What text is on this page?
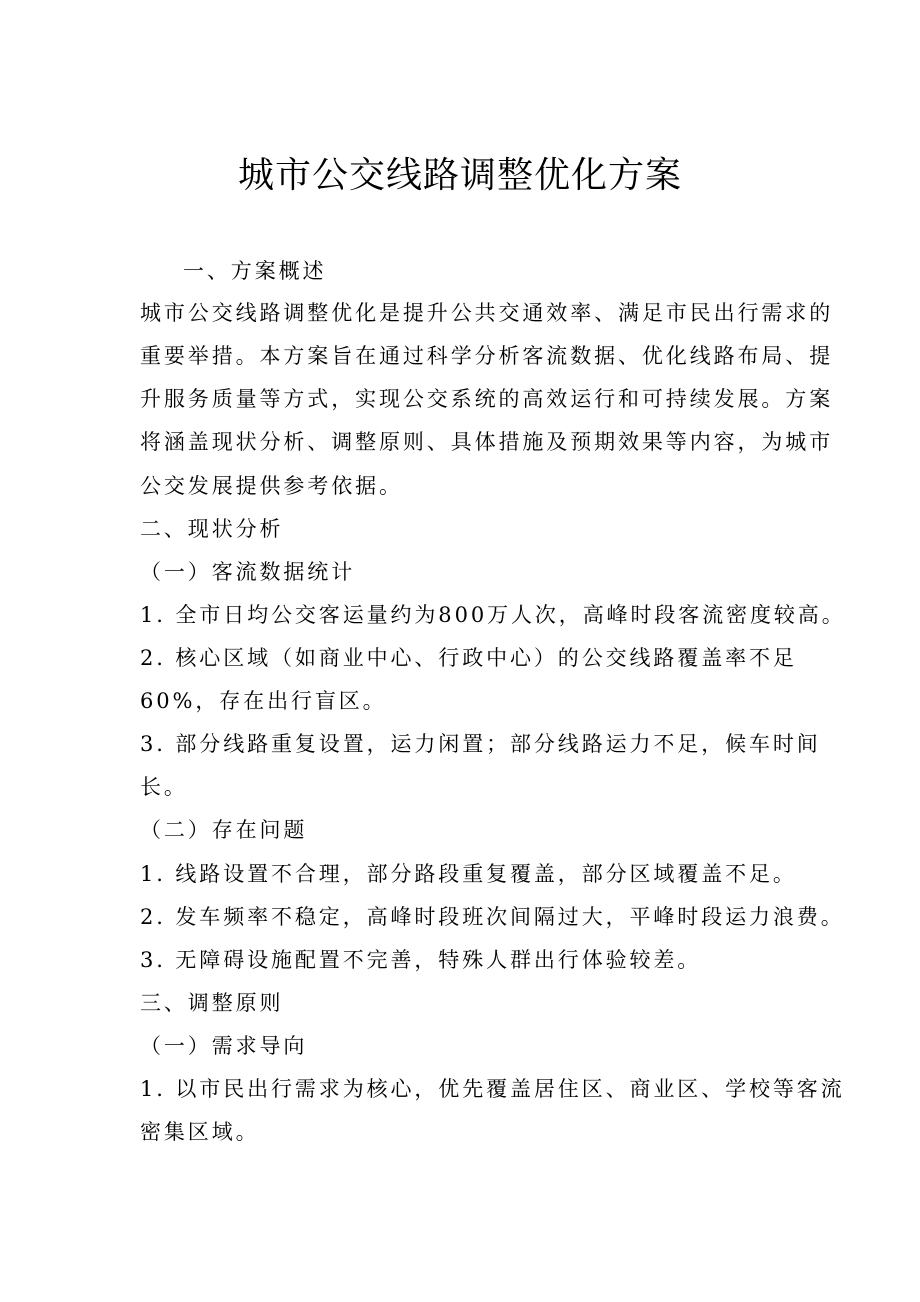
城市公交线路调整优化方案

一、方案概述

城市公交线路调整优化是提升公共交通效率、满足市民出行需求的

重要举措。本方案旨在通过科学分析客流数据、优化线路布局、提

升服务质量等方式，实现公交系统的高效运行和可持续发展。方案

将涵盖现状分析、调整原则、具体措施及预期效果等内容，为城市

公交发展提供参考依据。

二、现状分析

（一）客流数据统计

1. 全市日均公交客运量约为800万人次，高峰时段客流密度较高。

2. 核心区域（如商业中心、行政中心）的公交线路覆盖率不足

60%，存在出行盲区。

3. 部分线路重复设置，运力闲置；部分线路运力不足，候车时间

长。

（二）存在问题

1. 线路设置不合理，部分路段重复覆盖，部分区域覆盖不足。

2. 发车频率不稳定，高峰时段班次间隔过大，平峰时段运力浪费。

3. 无障碍设施配置不完善，特殊人群出行体验较差。

三、调整原则

（一）需求导向

1. 以市民出行需求为核心，优先覆盖居住区、商业区、学校等客流

密集区域。
